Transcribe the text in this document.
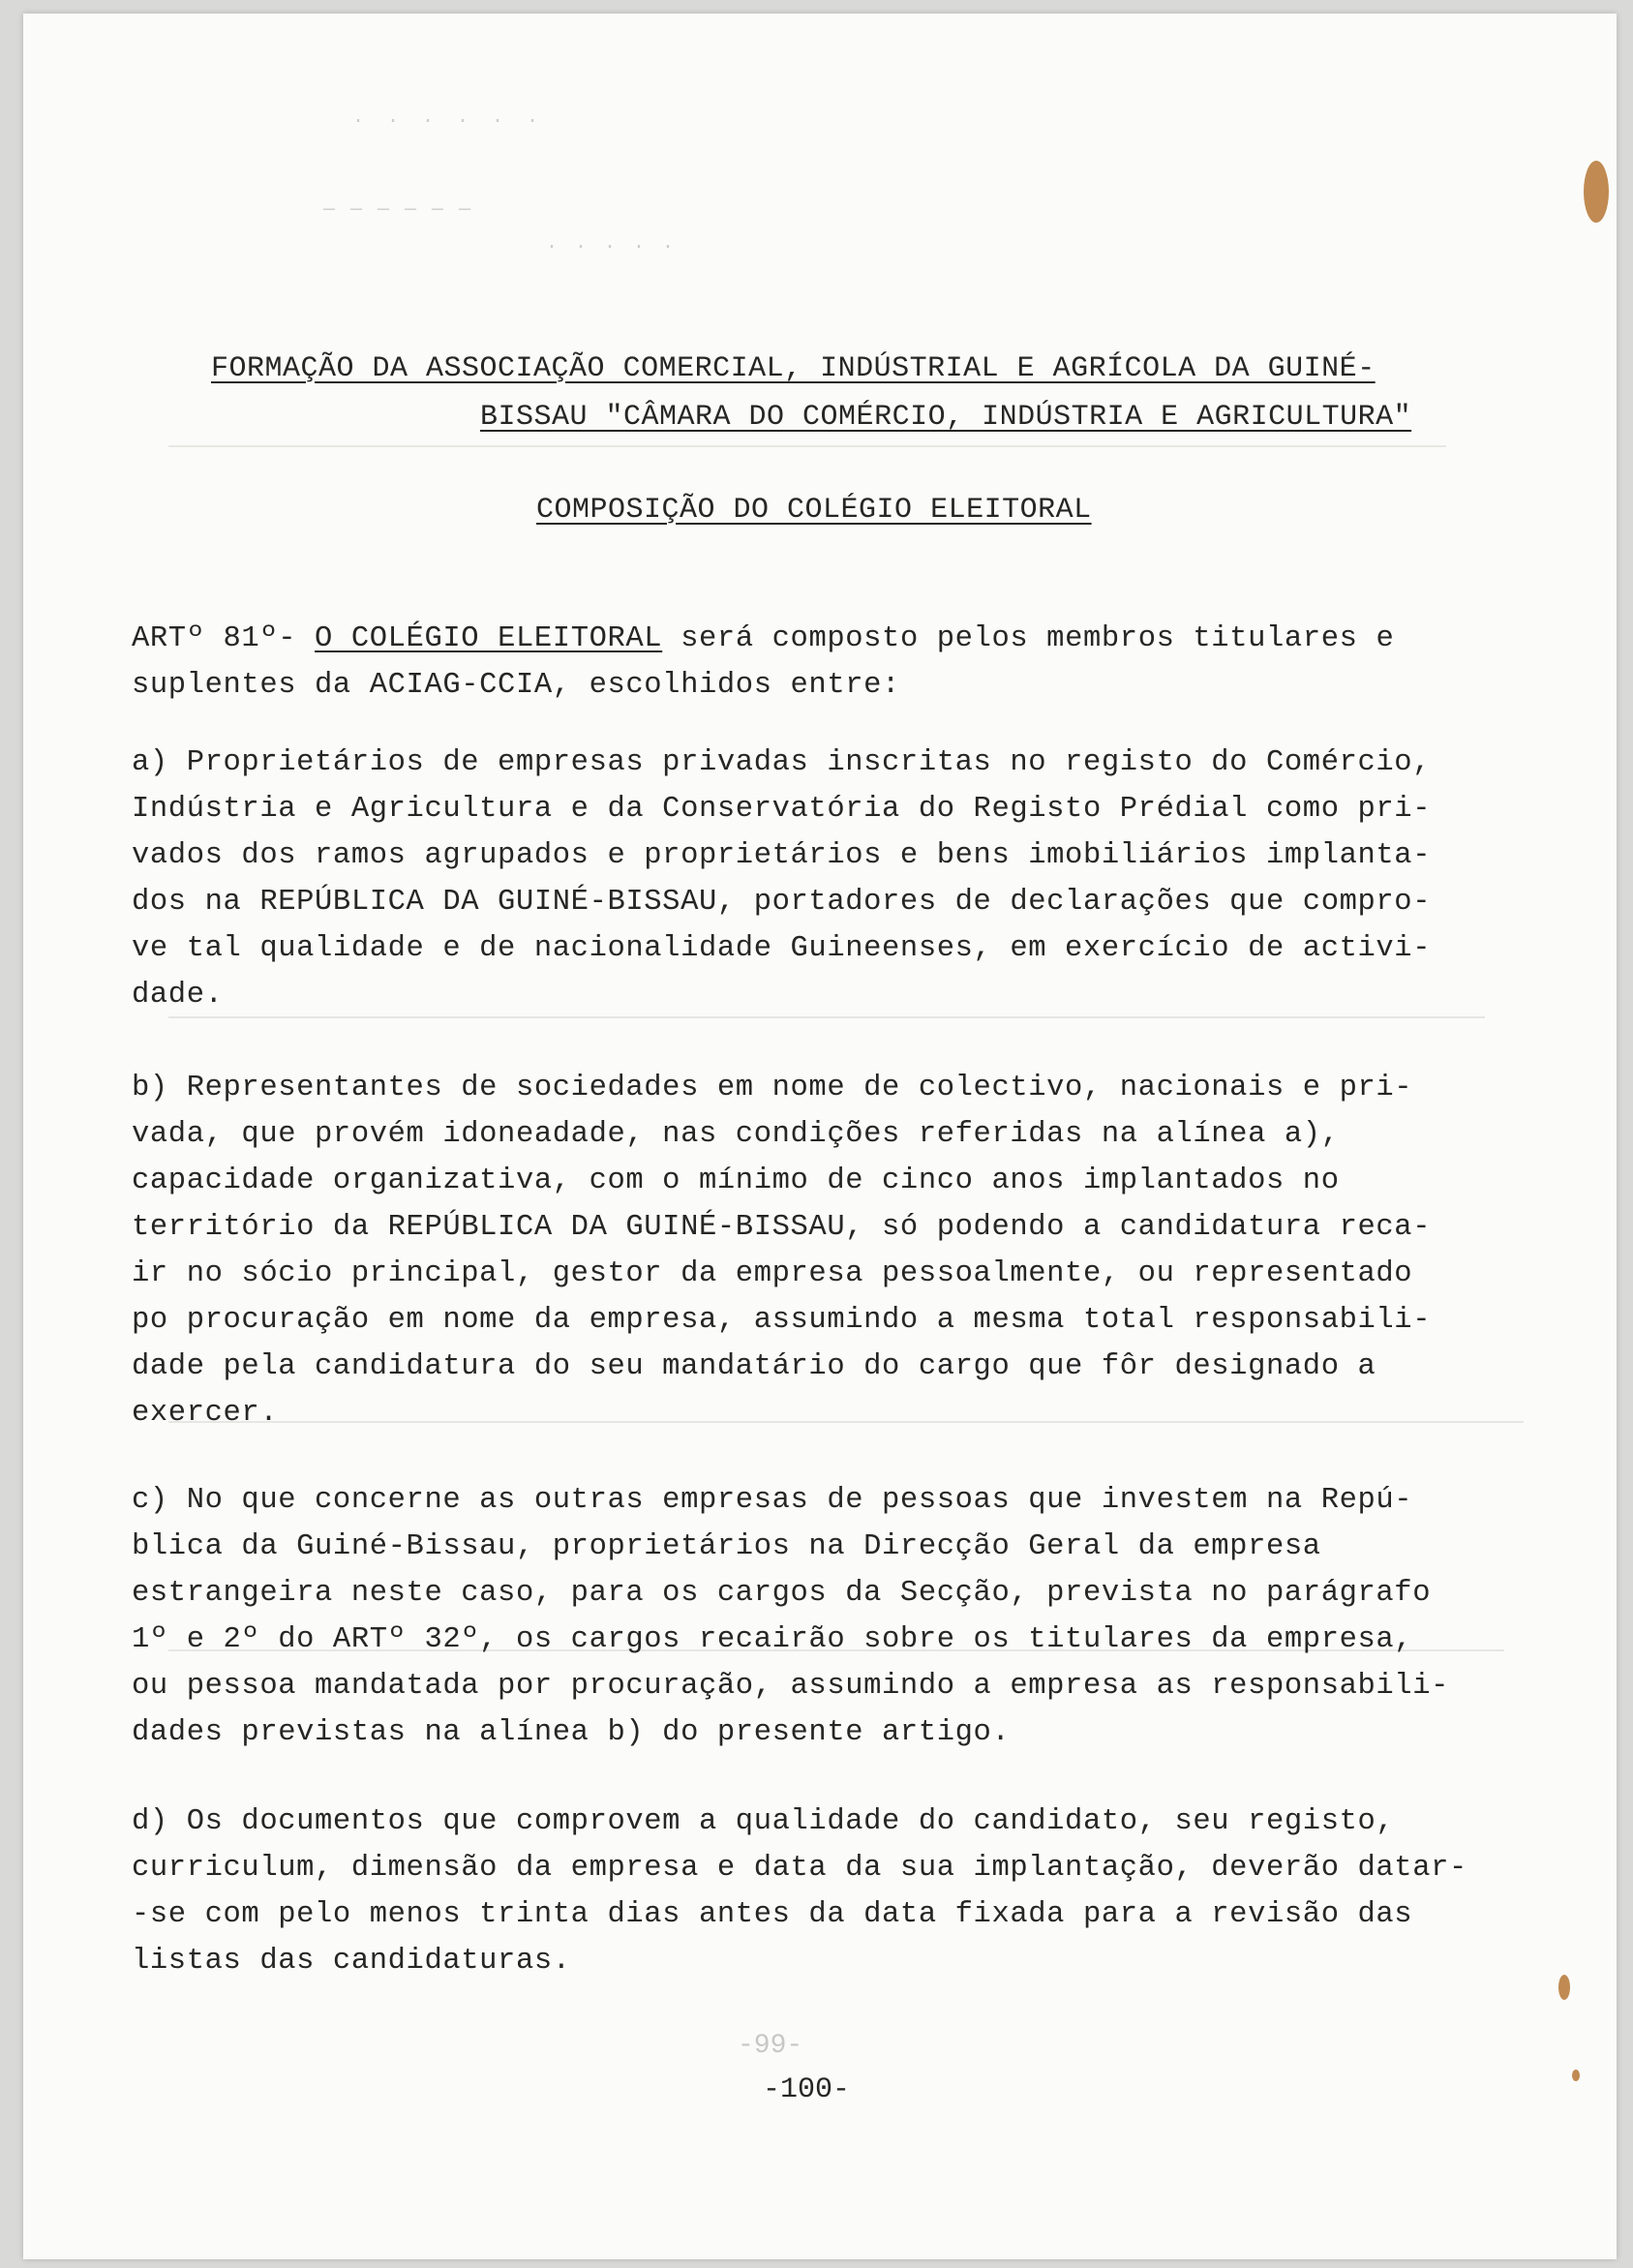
· · · · · ·
— — — — — —
· · · · ·
FORMAÇÃO DA ASSOCIAÇÃO COMERCIAL, INDÚSTRIAL E AGRÍCOLA DA GUINÉ-
BISSAU "CÂMARA DO COMÉRCIO, INDÚSTRIA E AGRICULTURA"
COMPOSIÇÃO DO COLÉGIO ELEITORAL
ARTº 81º- O COLÉGIO ELEITORAL será composto pelos membros titulares e
suplentes da ACIAG-CCIA, escolhidos entre:
a) Proprietários de empresas privadas inscritas no registo do Comércio,
Indústria e Agricultura e da Conservatória do Registo Prédial como pri-
vados dos ramos agrupados e proprietários e bens imobiliários implanta-
dos na REPÚBLICA DA GUINÉ-BISSAU, portadores de declarações que compro-
ve tal qualidade e de nacionalidade Guineenses, em exercício de activi-
dade.
b) Representantes de sociedades em nome de colectivo, nacionais e pri-
vada, que provém idoneadade, nas condições referidas na alínea a),
capacidade organizativa, com o mínimo de cinco anos implantados no
território da REPÚBLICA DA GUINÉ-BISSAU, só podendo a candidatura reca-
ir no sócio principal, gestor da empresa pessoalmente, ou representado
po procuração em nome da empresa, assumindo a mesma total responsabili-
dade pela candidatura do seu mandatário do cargo que fôr designado a
exercer.
c) No que concerne as outras empresas de pessoas que investem na Repú-
blica da Guiné-Bissau, proprietários na Direcção Geral da empresa
estrangeira neste caso, para os cargos da Secção, prevista no parágrafo
1º e 2º do ARTº 32º, os cargos recairão sobre os titulares da empresa,
ou pessoa mandatada por procuração, assumindo a empresa as responsabili-
dades previstas na alínea b) do presente artigo.
d) Os documentos que comprovem a qualidade do candidato, seu registo,
curriculum, dimensão da empresa e data da sua implantação, deverão datar-
-se com pelo menos trinta dias antes da data fixada para a revisão das
listas das candidaturas.
-99-
-100-
